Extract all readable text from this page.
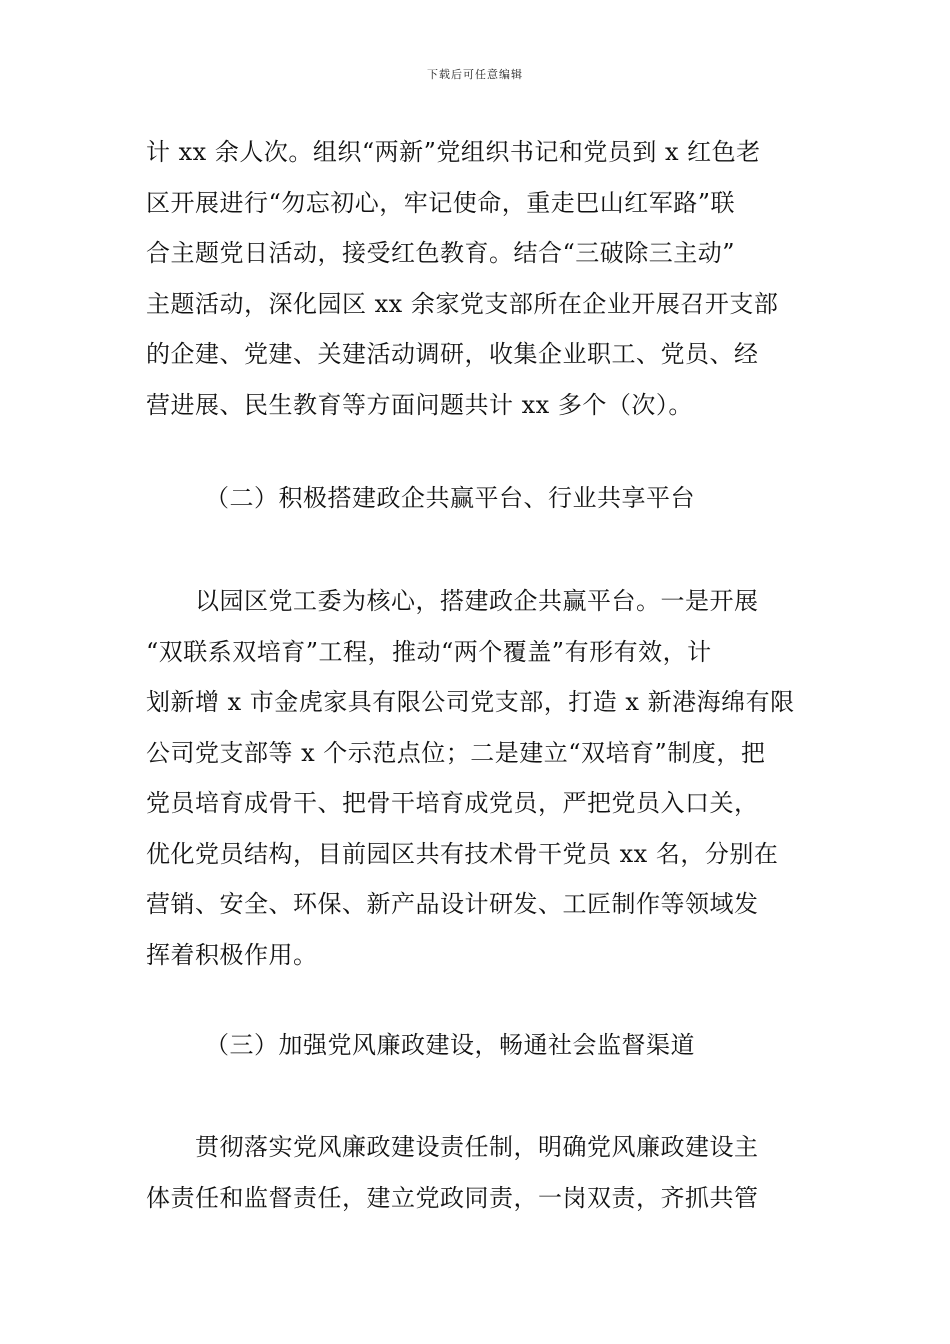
下载后可任意编辑

计 xx 余人次。组织“两新”党组织书记和党员到 x 红色老
区开展进行“勿忘初心，牢记使命，重走巴山红军路”联
合主题党日活动，接受红色教育。结合“三破除三主动”
主题活动，深化园区 xx 余家党支部所在企业开展召开支部
的企建、党建、关建活动调研，收集企业职工、党员、经
营进展、民生教育等方面问题共计 xx 多个（次）。

（二）积极搭建政企共赢平台、行业共享平台

　　以园区党工委为核心，搭建政企共赢平台。一是开展
“双联系双培育”工程，推动“两个覆盖”有形有效，计
划新增 x 市金虎家具有限公司党支部，打造 x 新港海绵有限
公司党支部等 x 个示范点位；二是建立“双培育”制度，把
党员培育成骨干、把骨干培育成党员，严把党员入口关，
优化党员结构，目前园区共有技术骨干党员 xx 名，分别在
营销、安全、环保、新产品设计研发、工匠制作等领域发
挥着积极作用。

（三）加强党风廉政建设，畅通社会监督渠道

　　贯彻落实党风廉政建设责任制，明确党风廉政建设主
体责任和监督责任，建立党政同责，一岗双责，齐抓共管
